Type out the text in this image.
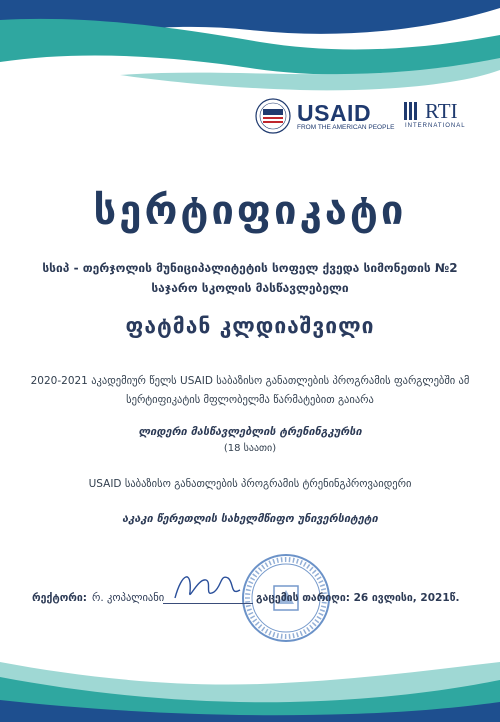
USAID
FROM THE AMERICAN PEOPLE
RTI
INTERNATIONAL
სერტიფიკატი
სსიპ - თერჯოლის მუნიციპალიტეტის სოფელ ქვედა სიმონეთის №2 საჯარო სკოლის მასწავლებელი
ფატმან კლდიაშვილი
2020-2021 აკადემიურ წელს USAID საბაზისო განათლების პროგრამის ფარგლებში ამ სერტიფიკატის მფლობელმა წარმატებით გაიარა
ლიდერი მასწავლებლის ტრენინგკურსი
(18 საათი)
USAID საბაზისო განათლების პროგრამის ტრენინგპროვაიდერი
აკაკი წერეთლის სახელმწიფო უნივერსიტეტი
რექტორი: რ. კოპალიანი	გაცემის თარიღი: 26 ივლისი, 2021წ.
